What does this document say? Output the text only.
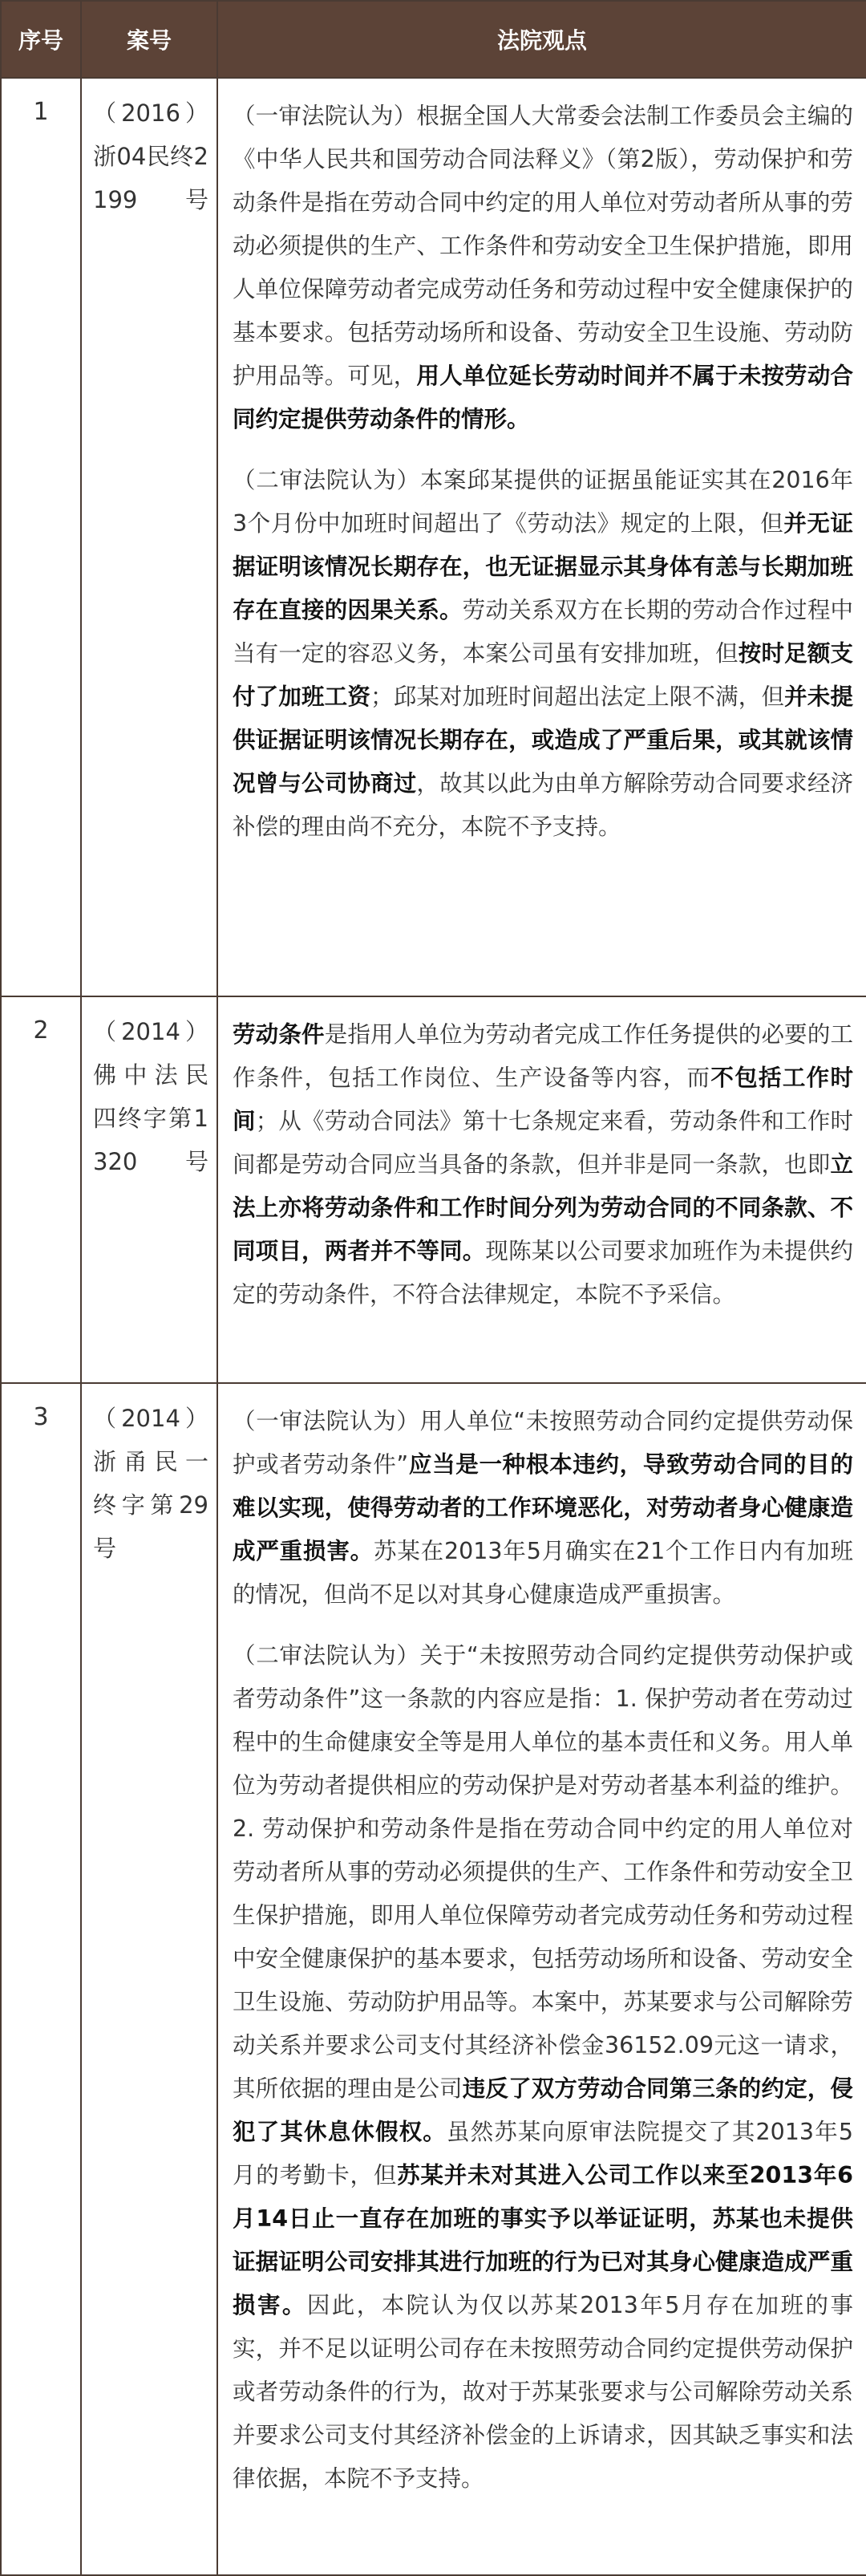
序号	案号	法院观点
1	（2016）浙04民终2199号	（一审法院认为）根据全国人大常委会法制工作委员会主编的《中华人民共和国劳动合同法释义》（第2版），劳动保护和劳动条件是指在劳动合同中约定的用人单位对劳动者所从事的劳动必须提供的生产、工作条件和劳动安全卫生保护措施，即用人单位保障劳动者完成劳动任务和劳动过程中安全健康保护的基本要求。包括劳动场所和设备、劳动安全卫生设施、劳动防护用品等。可见，用人单位延长劳动时间并不属于未按劳动合同约定提供劳动条件的情形。

（二审法院认为）本案邱某提供的证据虽能证实其在2016年3个月份中加班时间超出了《劳动法》规定的上限，但并无证据证明该情况长期存在，也无证据显示其身体有恙与长期加班存在直接的因果关系。劳动关系双方在长期的劳动合作过程中当有一定的容忍义务，本案公司虽有安排加班，但按时足额支付了加班工资；邱某对加班时间超出法定上限不满，但并未提供证据证明该情况长期存在，或造成了严重后果，或其就该情况曾与公司协商过，故其以此为由单方解除劳动合同要求经济补偿的理由尚不充分，本院不予支持。

2	（2014）佛中法民四终字第1320号	劳动条件是指用人单位为劳动者完成工作任务提供的必要的工作条件，包括工作岗位、生产设备等内容，而不包括工作时间；从《劳动合同法》第十七条规定来看，劳动条件和工作时间都是劳动合同应当具备的条款，但并非是同一条款，也即立法上亦将劳动条件和工作时间分列为劳动合同的不同条款、不同项目，两者并不等同。现陈某以公司要求加班作为未提供约定的劳动条件，不符合法律规定，本院不予采信。

3	（2014）浙甬民一终字第29号	（一审法院认为）用人单位“未按照劳动合同约定提供劳动保护或者劳动条件”应当是一种根本违约，导致劳动合同的目的难以实现，使得劳动者的工作环境恶化，对劳动者身心健康造成严重损害。苏某在2013年5月确实在21个工作日内有加班的情况，但尚不足以对其身心健康造成严重损害。

（二审法院认为）关于“未按照劳动合同约定提供劳动保护或者劳动条件”这一条款的内容应是指：1. 保护劳动者在劳动过程中的生命健康安全等是用人单位的基本责任和义务。用人单位为劳动者提供相应的劳动保护是对劳动者基本利益的维护。2. 劳动保护和劳动条件是指在劳动合同中约定的用人单位对劳动者所从事的劳动必须提供的生产、工作条件和劳动安全卫生保护措施，即用人单位保障劳动者完成劳动任务和劳动过程中安全健康保护的基本要求，包括劳动场所和设备、劳动安全卫生设施、劳动防护用品等。本案中，苏某要求与公司解除劳动关系并要求公司支付其经济补偿金36152.09元这一请求，其所依据的理由是公司违反了双方劳动合同第三条的约定，侵犯了其休息休假权。虽然苏某向原审法院提交了其2013年5月的考勤卡，但苏某并未对其进入公司工作以来至2013年6月14日止一直存在加班的事实予以举证证明，苏某也未提供证据证明公司安排其进行加班的行为已对其身心健康造成严重损害。因此，本院认为仅以苏某2013年5月存在加班的事实，并不足以证明公司存在未按照劳动合同约定提供劳动保护或者劳动条件的行为，故对于苏某张要求与公司解除劳动关系并要求公司支付其经济补偿金的上诉请求，因其缺乏事实和法律依据，本院不予支持。
